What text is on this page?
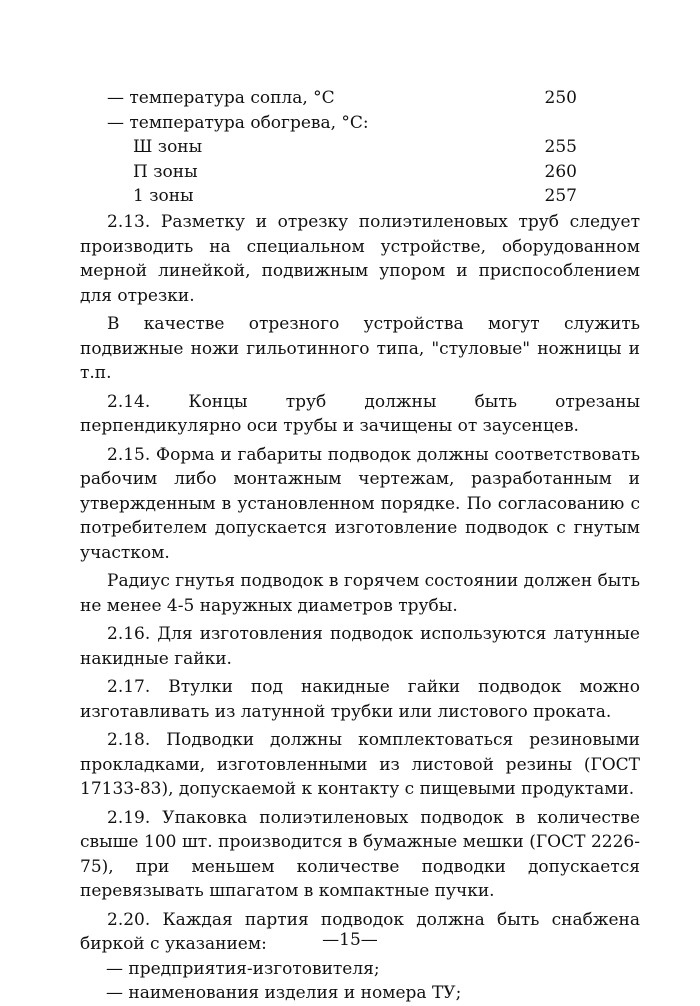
— температура сопла, °С	250
— температура обогрева, °С:
Ш зоны	255
П зоны	260
1 зоны	257

2.13. Разметку и отрезку полиэтиленовых труб следует производить на специальном устройстве, оборудованном мерной линейкой, подвижным упором и приспособлением для отрезки.

В качестве отрезного устройства могут служить подвижные ножи гильотинного типа, "стуловые" ножницы и т.п.

2.14. Концы труб должны быть отрезаны перпендикулярно оси трубы и зачищены от заусенцев.

2.15. Форма и габариты подводок должны соответствовать рабочим либо монтажным чертежам, разработанным и утвержденным в установленном порядке. По согласованию с потребителем допускается изготовление подводок с гнутым участком.

Радиус гнутья подводок в горячем состоянии должен быть не менее 4-5 наружных диаметров трубы.

2.16. Для изготовления подводок используются латунные накидные гайки.

2.17. Втулки под накидные гайки подводок можно изготавливать из латунной трубки или листового проката.

2.18. Подводки должны комплектоваться резиновыми прокладками, изготовленными из листовой резины (ГОСТ 17133-83), допускаемой к контакту с пищевыми продуктами.

2.19. Упаковка полиэтиленовых подводок в количестве свыше 100 шт. производится в бумажные мешки (ГОСТ 2226-75), при меньшем количестве подводки допускается перевязывать шпагатом в компактные пучки.

2.20. Каждая партия подводок должна быть снабжена биркой с указанием:

— предприятия-изготовителя;

— наименования изделия и номера ТУ;

—15—
